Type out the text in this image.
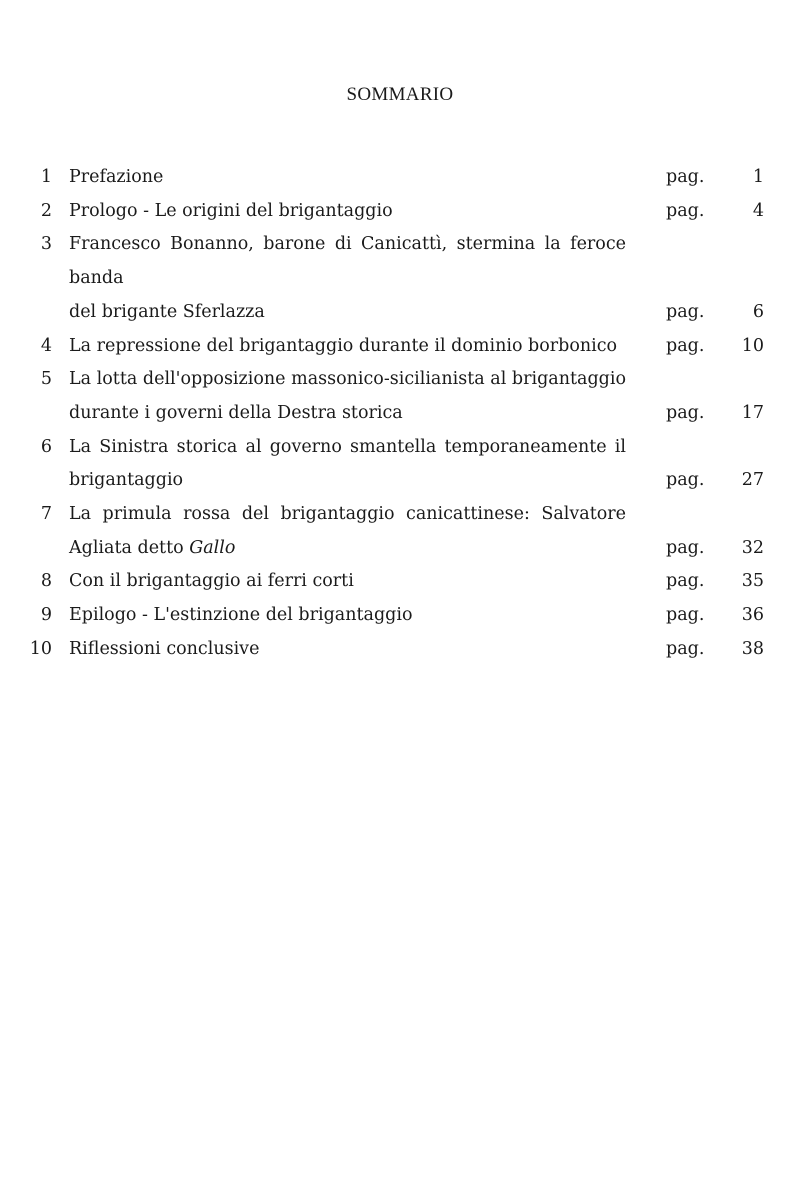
SOMMARIO
1 Prefazione	pag.	1
2 Prologo - Le origini del brigantaggio	pag.	4
3 Francesco Bonanno, barone di Canicattì, stermina la feroce banda
del brigante Sferlazza	pag.	6
4 La repressione del brigantaggio durante il dominio borbonico	pag.	10
5 La lotta dell'opposizione massonico-sicilianista al brigantaggio
durante i governi della Destra storica	pag.	17
6 La Sinistra storica al governo smantella temporaneamente il
brigantaggio	pag.	27
7 La primula rossa del brigantaggio canicattinese: Salvatore
Agliata detto Gallo	pag.	32
8 Con il brigantaggio ai ferri corti	pag.	35
9 Epilogo - L'estinzione del brigantaggio	pag.	36
10 Riflessioni conclusive	pag.	38
